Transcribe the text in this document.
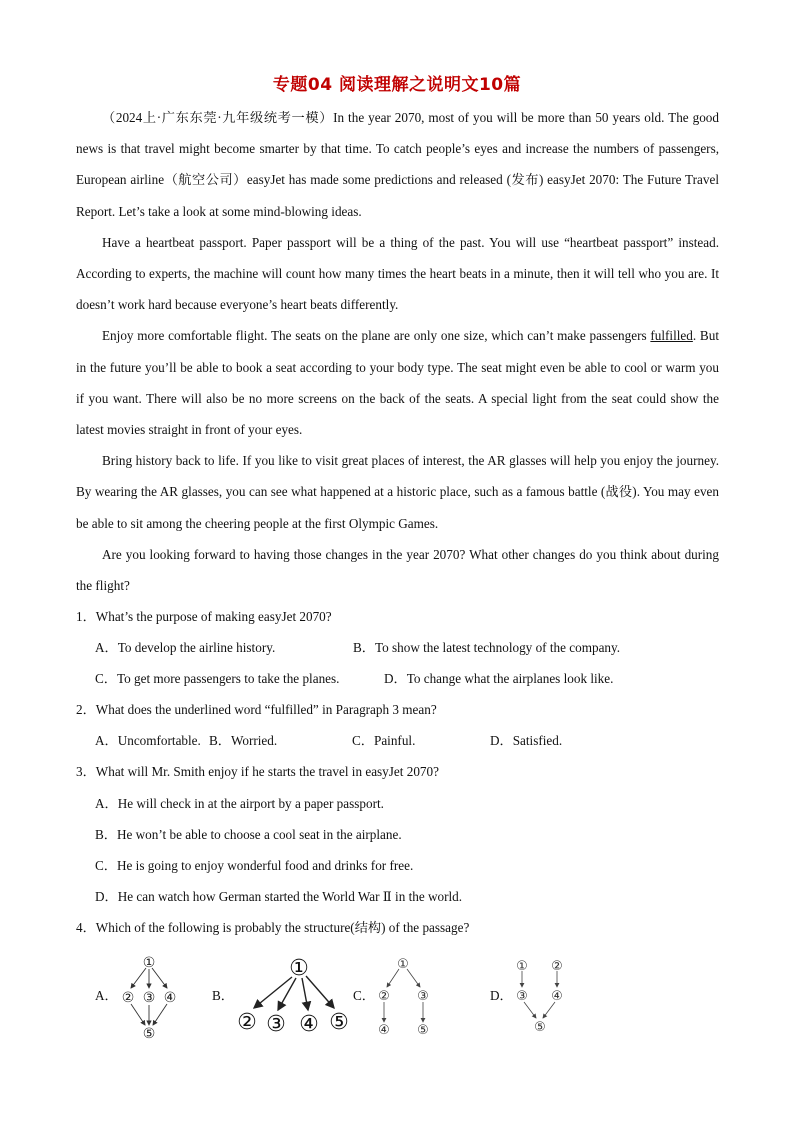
专题04 阅读理解之说明文10篇

（2024上·广东东莞·九年级统考一模）In the year 2070, most of you will be more than 50 years old. The good news is that travel might become smarter by that time. To catch people’s eyes and increase the numbers of passengers, European airline（航空公司）easyJet has made some predictions and released (发布) easyJet 2070: The Future Travel Report. Let’s take a look at some mind-blowing ideas.

Have a heartbeat passport. Paper passport will be a thing of the past. You will use “heartbeat passport” instead. According to experts, the machine will count how many times the heart beats in a minute, then it will tell who you are. It doesn’t work hard because everyone’s heart beats differently.

Enjoy more comfortable flight. The seats on the plane are only one size, which can’t make passengers fulfilled. But in the future you’ll be able to book a seat according to your body type. The seat might even be able to cool or warm you if you want. There will also be no more screens on the back of the seats. A special light from the seat could show the latest movies straight in front of your eyes.

Bring history back to life. If you like to visit great places of interest, the AR glasses will help you enjoy the journey. By wearing the AR glasses, you can see what happened at a historic place, such as a famous battle (战役). You may even be able to sit among the cheering people at the first Olympic Games.

Are you looking forward to having those changes in the year 2070? What other changes do you think about during the flight?

1．What’s the purpose of making easyJet 2070?
A．To develop the airline history.	B．To show the latest technology of the company.
C．To get more passengers to take the planes.	D．To change what the airplanes look like.
2．What does the underlined word “fulfilled” in Paragraph 3 mean?
A．Uncomfortable. B．Worried.	C．Painful.	D．Satisfied.
3．What will Mr. Smith enjoy if he starts the travel in easyJet 2070?
A．He will check in at the airport by a paper passport.
B．He won’t be able to choose a cool seat in the airplane.
C．He is going to enjoy wonderful food and drinks for free.
D．He can watch how German started the World War Ⅱ in the world.
4．Which of the following is probably the structure(结构) of the passage?
A．	B．	C．	D．
①
② ③ ④
⑤
①
② ③ ④ ⑤
①
② ③
④ ⑤
① ②
③ ④
⑤
